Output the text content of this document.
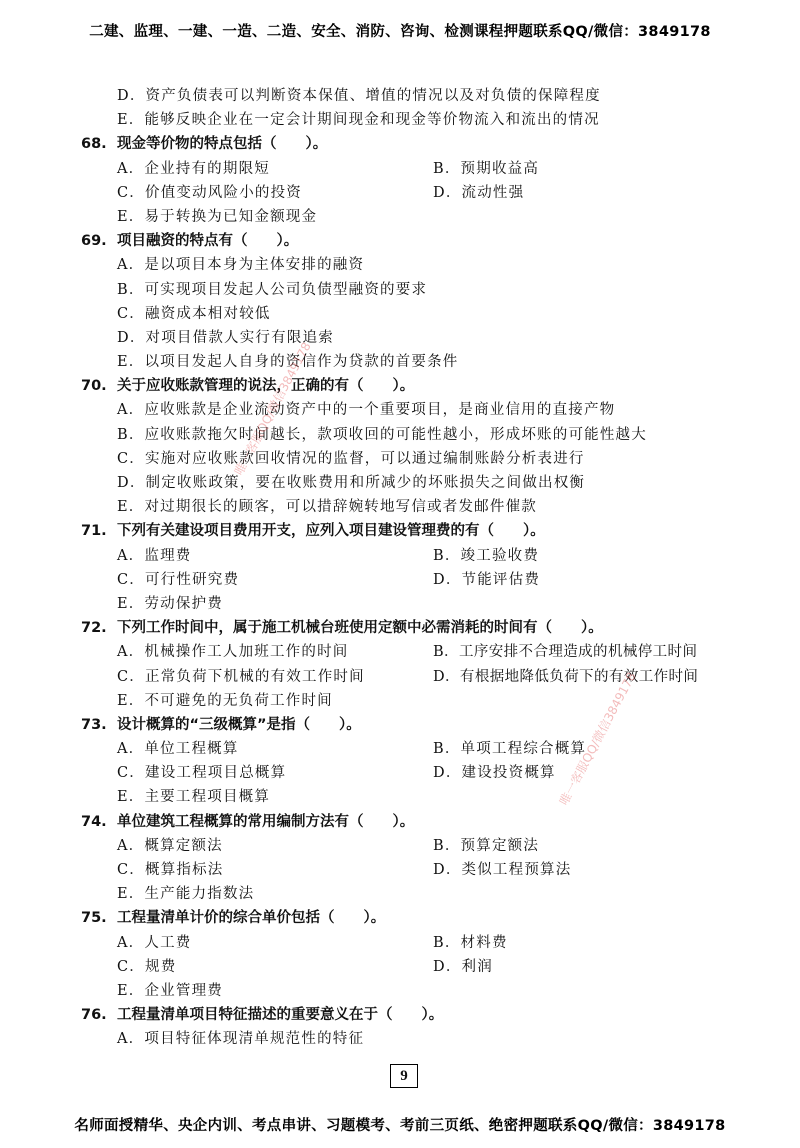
二建、监理、一建、一造、二造、安全、消防、咨询、检测课程押题联系QQ/微信：3849178
D．资产负债表可以判断资本保值、增值的情况以及对负债的保障程度
E．能够反映企业在一定会计期间现金和现金等价物流入和流出的情况
68. 现金等价物的特点包括（　　）。
A．企业持有的期限短	B．预期收益高
C．价值变动风险小的投资	D．流动性强
E．易于转换为已知金额现金
69. 项目融资的特点有（　　）。
A．是以项目本身为主体安排的融资
B．可实现项目发起人公司负债型融资的要求
C．融资成本相对较低
D．对项目借款人实行有限追索
E．以项目发起人自身的资信作为贷款的首要条件
70. 关于应收账款管理的说法，正确的有（　　）。
A．应收账款是企业流动资产中的一个重要项目，是商业信用的直接产物
B．应收账款拖欠时间越长，款项收回的可能性越小，形成坏账的可能性越大
C．实施对应收账款回收情况的监督，可以通过编制账龄分析表进行
D．制定收账政策，要在收账费用和所减少的坏账损失之间做出权衡
E．对过期很长的顾客，可以措辞婉转地写信或者发邮件催款
71. 下列有关建设项目费用开支，应列入项目建设管理费的有（　　）。
A．监理费	B．竣工验收费
C．可行性研究费	D．节能评估费
E．劳动保护费
72. 下列工作时间中，属于施工机械台班使用定额中必需消耗的时间有（　　）。
A．机械操作工人加班工作的时间	B．工序安排不合理造成的机械停工时间
C．正常负荷下机械的有效工作时间	D．有根据地降低负荷下的有效工作时间
E．不可避免的无负荷工作时间
73. 设计概算的“三级概算”是指（　　）。
A．单位工程概算	B．单项工程综合概算
C．建设工程项目总概算	D．建设投资概算
E．主要工程项目概算
74. 单位建筑工程概算的常用编制方法有（　　）。
A．概算定额法	B．预算定额法
C．概算指标法	D．类似工程预算法
E．生产能力指数法
75. 工程量清单计价的综合单价包括（　　）。
A．人工费	B．材料费
C．规费	D．利润
E．企业管理费
76. 工程量清单项目特征描述的重要意义在于（　　）。
A．项目特征体现清单规范性的特征
唯一客服QQ/微信3849178
唯一客服QQ/微信3849178
9
名师面授精华、央企内训、考点串讲、习题模考、考前三页纸、绝密押题联系QQ/微信：3849178
